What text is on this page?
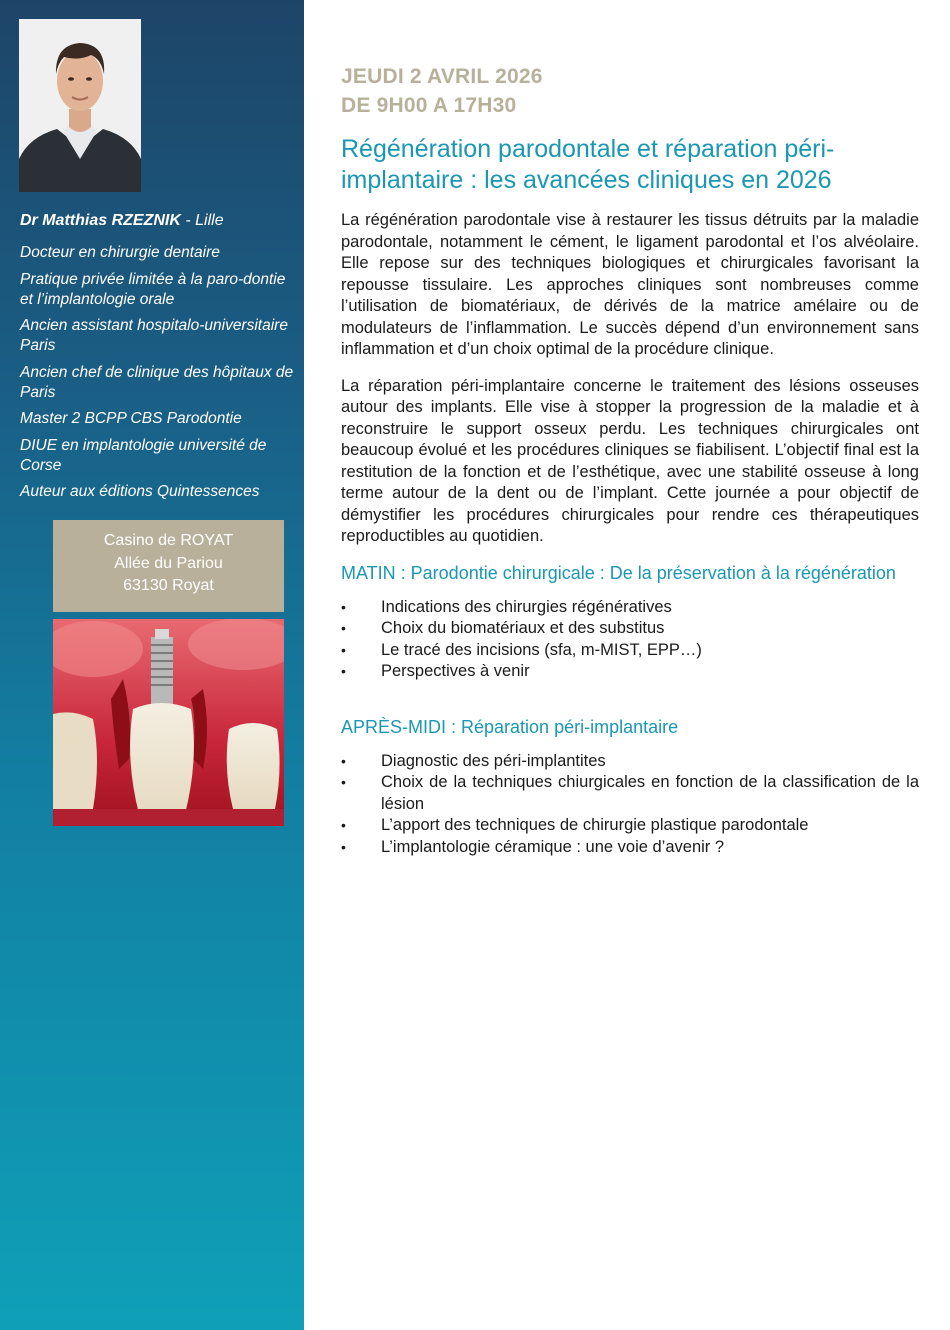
Dr Matthias RZEZNIK - Lille
Docteur en chirurgie dentaire
Pratique privée limitée à la paro-dontie et l’implantologie orale
Ancien assistant hospitalo-universitaire Paris
Ancien chef de clinique des hôpitaux de Paris
Master 2 BCPP CBS Parodontie
DIUE en implantologie université de Corse
Auteur aux éditions Quintessences
Casino de ROYAT
Allée du Pariou
63130 Royat
JEUDI 2 AVRIL 2026
DE 9H00 A 17H30
Régénération parodontale et réparation péri-implantaire : les avancées cliniques en 2026

La régénération parodontale vise à restaurer les tissus détruits par la maladie parodontale, notamment le cément, le ligament parodontal et l’os alvéolaire. Elle repose sur des techniques biologiques et chirurgicales favorisant la repousse tissulaire. Les approches cliniques sont nombreuses comme l’utilisation de biomatériaux, de dérivés de la matrice amélaire ou de modulateurs de l’inflammation. Le succès dépend d’un environnement sans inflammation et d’un choix optimal de la procédure clinique.

La réparation péri-implantaire concerne le traitement des lésions osseuses autour des implants. Elle vise à stopper la progression de la maladie et à reconstruire le support osseux perdu. Les techniques chirurgicales ont beaucoup évolué et les procédures cliniques se fiabilisent. L’objectif final est la restitution de la fonction et de l’esthétique, avec une stabilité osseuse à long terme autour de la dent ou de l’implant. Cette journée a pour objectif de démystifier les procédures chirurgicales pour rendre ces thérapeutiques reproductibles au quotidien.

MATIN : Parodontie chirurgicale : De la préservation à la régénération
• Indications des chirurgies régénératives
• Choix du biomatériaux et des substitus
• Le tracé des incisions (sfa, m-MIST, EPP…)
• Perspectives à venir
APRÈS-MIDI : Réparation péri-implantaire
• Diagnostic des péri-implantites
• Choix de la techniques chiurgicales en fonction de la classification de la lésion
• L’apport des techniques de chirurgie plastique parodontale
• L’implantologie céramique : une voie d’avenir ?
